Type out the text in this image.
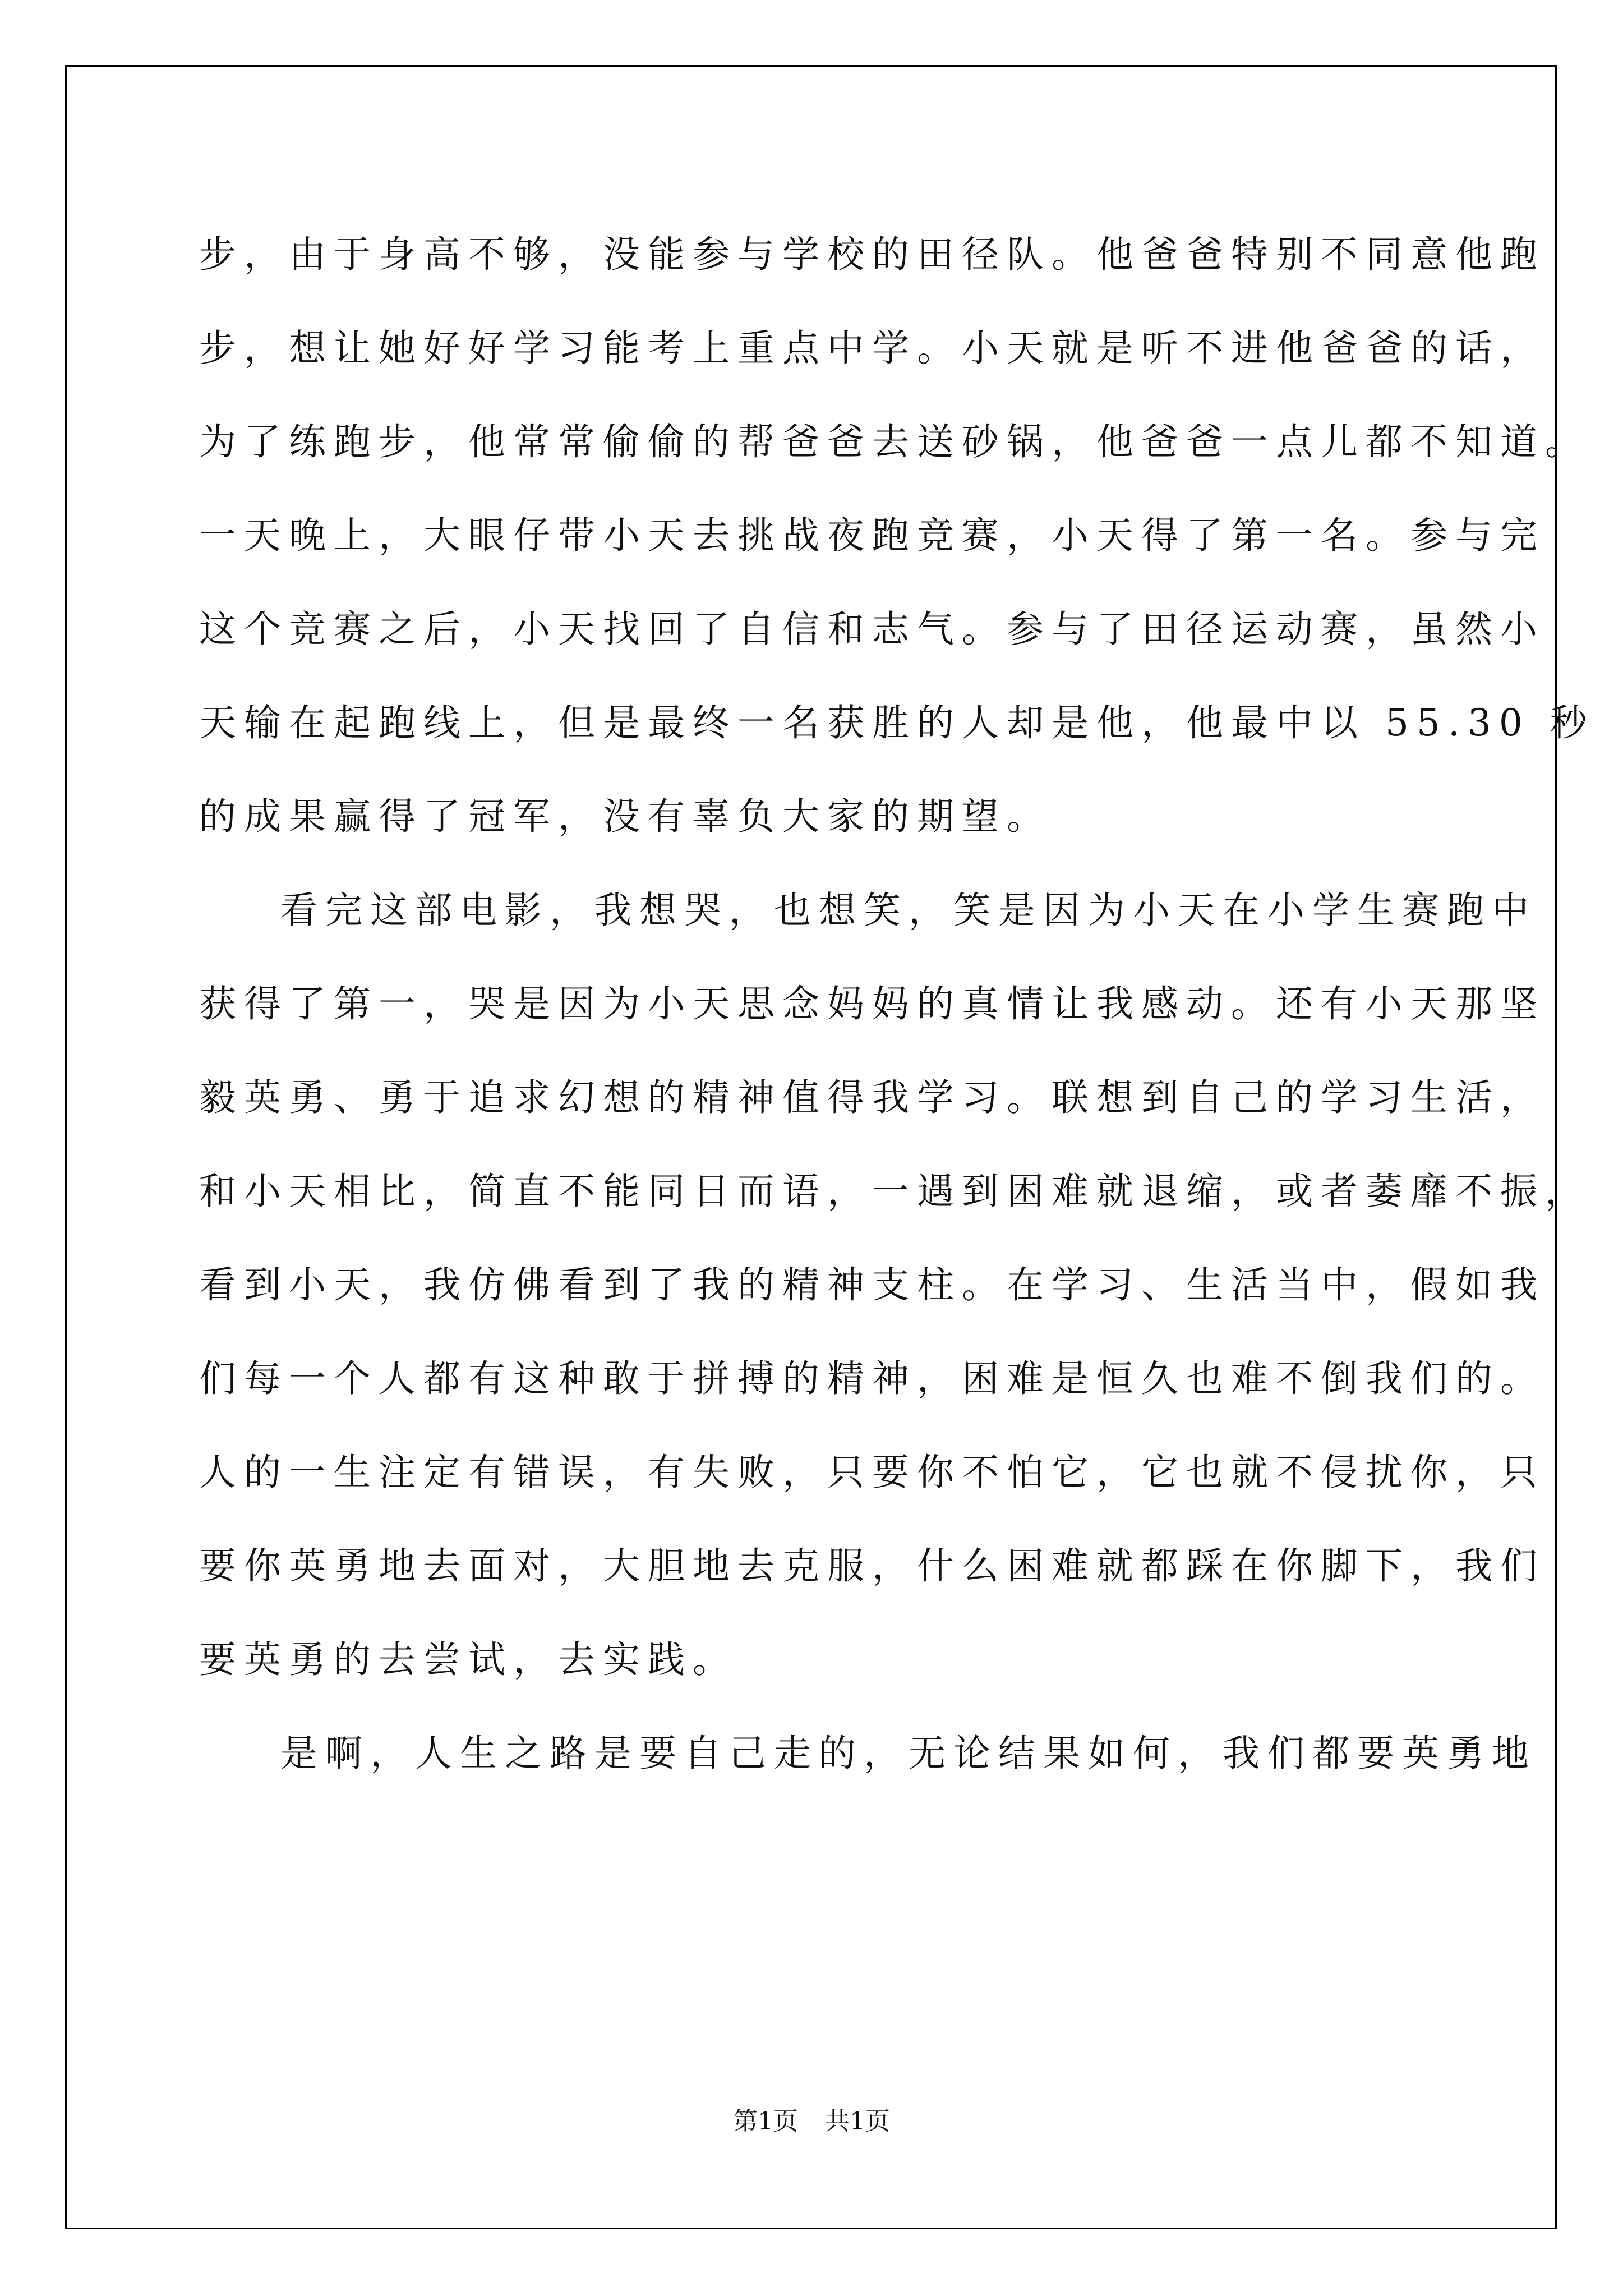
步，由于身高不够，没能参与学校的田径队。他爸爸特别不同意他跑
步，想让她好好学习能考上重点中学。小天就是听不进他爸爸的话，
为了练跑步，他常常偷偷的帮爸爸去送砂锅，他爸爸一点儿都不知道。
一天晚上，大眼仔带小天去挑战夜跑竞赛，小天得了第一名。参与完
这个竞赛之后，小天找回了自信和志气。参与了田径运动赛，虽然小
天输在起跑线上，但是最终一名获胜的人却是他，他最中以 55.30 秒
的成果赢得了冠军，没有辜负大家的期望。
看完这部电影，我想哭，也想笑，笑是因为小天在小学生赛跑中
获得了第一，哭是因为小天思念妈妈的真情让我感动。还有小天那坚
毅英勇、勇于追求幻想的精神值得我学习。联想到自己的学习生活，
和小天相比，简直不能同日而语，一遇到困难就退缩，或者萎靡不振，
看到小天，我仿佛看到了我的精神支柱。在学习、生活当中，假如我
们每一个人都有这种敢于拼搏的精神，困难是恒久也难不倒我们的。
人的一生注定有错误，有失败，只要你不怕它，它也就不侵扰你，只
要你英勇地去面对，大胆地去克服，什么困难就都踩在你脚下，我们
要英勇的去尝试，去实践。
是啊，人生之路是要自己走的，无论结果如何，我们都要英勇地
第1页 共1页
